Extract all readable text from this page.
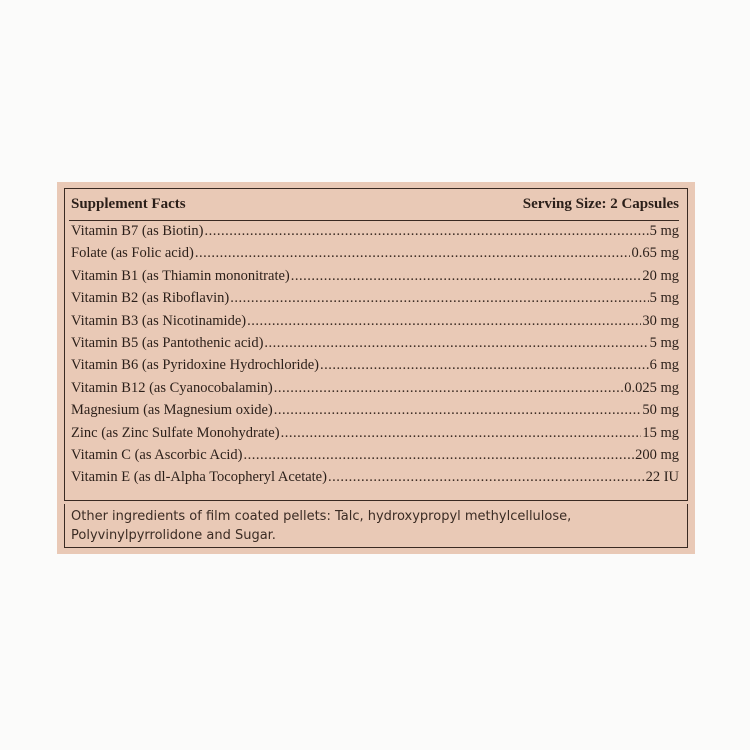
Supplement Facts	Serving Size: 2 Capsules
Vitamin B7 (as Biotin) .....	5 mg
Folate (as Folic acid) .....	0.65 mg
Vitamin B1 (as Thiamin mononitrate) .....	20 mg
Vitamin B2 (as Riboflavin) .....	5 mg
Vitamin B3 (as Nicotinamide) .....	30 mg
Vitamin B5 (as Pantothenic acid) .....	5 mg
Vitamin B6 (as Pyridoxine Hydrochloride) .....	6 mg
Vitamin B12 (as Cyanocobalamin) .....	0.025 mg
Magnesium (as Magnesium oxide) .....	50 mg
Zinc (as Zinc Sulfate Monohydrate) .....	15 mg
Vitamin C (as Ascorbic Acid) .....	200 mg
Vitamin E (as dl-Alpha Tocopheryl Acetate) .....	22 IU
Other ingredients of film coated pellets: Talc, hydroxypropyl methylcellulose, Polyvinylpyrrolidone and Sugar.
